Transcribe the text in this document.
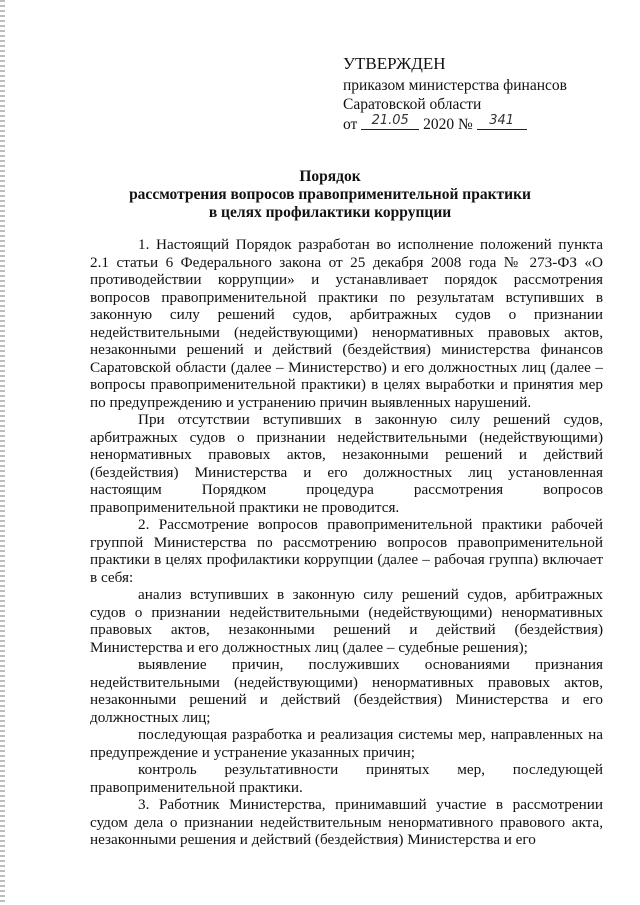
УТВЕРЖДЕН
приказом министерства финансов
Саратовской области
от $^{21.05}$ 2020 № $^{341}$
Порядок
рассмотрения вопросов правоприменительной практики
в целях профилактики коррупции

1. Настоящий Порядок разработан во исполнение положений пункта 2.1 статьи 6 Федерального закона от 25 декабря 2008 года № 273-ФЗ «О противодействии коррупции» и устанавливает порядок рассмотрения вопросов правоприменительной практики по результатам вступивших в законную силу решений судов, арбитражных судов о признании недействительными (недействующими) ненормативных правовых актов, незаконными решений и действий (бездействия) министерства финансов Саратовской области (далее – Министерство) и его должностных лиц (далее – вопросы правоприменительной практики) в целях выработки и принятия мер по предупреждению и устранению причин выявленных нарушений.

При отсутствии вступивших в законную силу решений судов, арбитражных судов о признании недействительными (недействующими) ненормативных правовых актов, незаконными решений и действий (бездействия) Министерства и его должностных лиц установленная настоящим Порядком процедура рассмотрения вопросов правоприменительной практики не проводится.

2. Рассмотрение вопросов правоприменительной практики рабочей группой Министерства по рассмотрению вопросов правоприменительной практики в целях профилактики коррупции (далее – рабочая группа) включает в себя:

анализ вступивших в законную силу решений судов, арбитражных судов о признании недействительными (недействующими) ненормативных правовых актов, незаконными решений и действий (бездействия) Министерства и его должностных лиц (далее – судебные решения);

выявление причин, послуживших основаниями признания недействительными (недействующими) ненормативных правовых актов, незаконными решений и действий (бездействия) Министерства и его должностных лиц;

последующая разработка и реализация системы мер, направленных на предупреждение и устранение указанных причин;

контроль результативности принятых мер, последующей правоприменительной практики.

3. Работник Министерства, принимавший участие в рассмотрении судом дела о признании недействительным ненормативного правового акта, незаконными решения и действий (бездействия) Министерства и его
